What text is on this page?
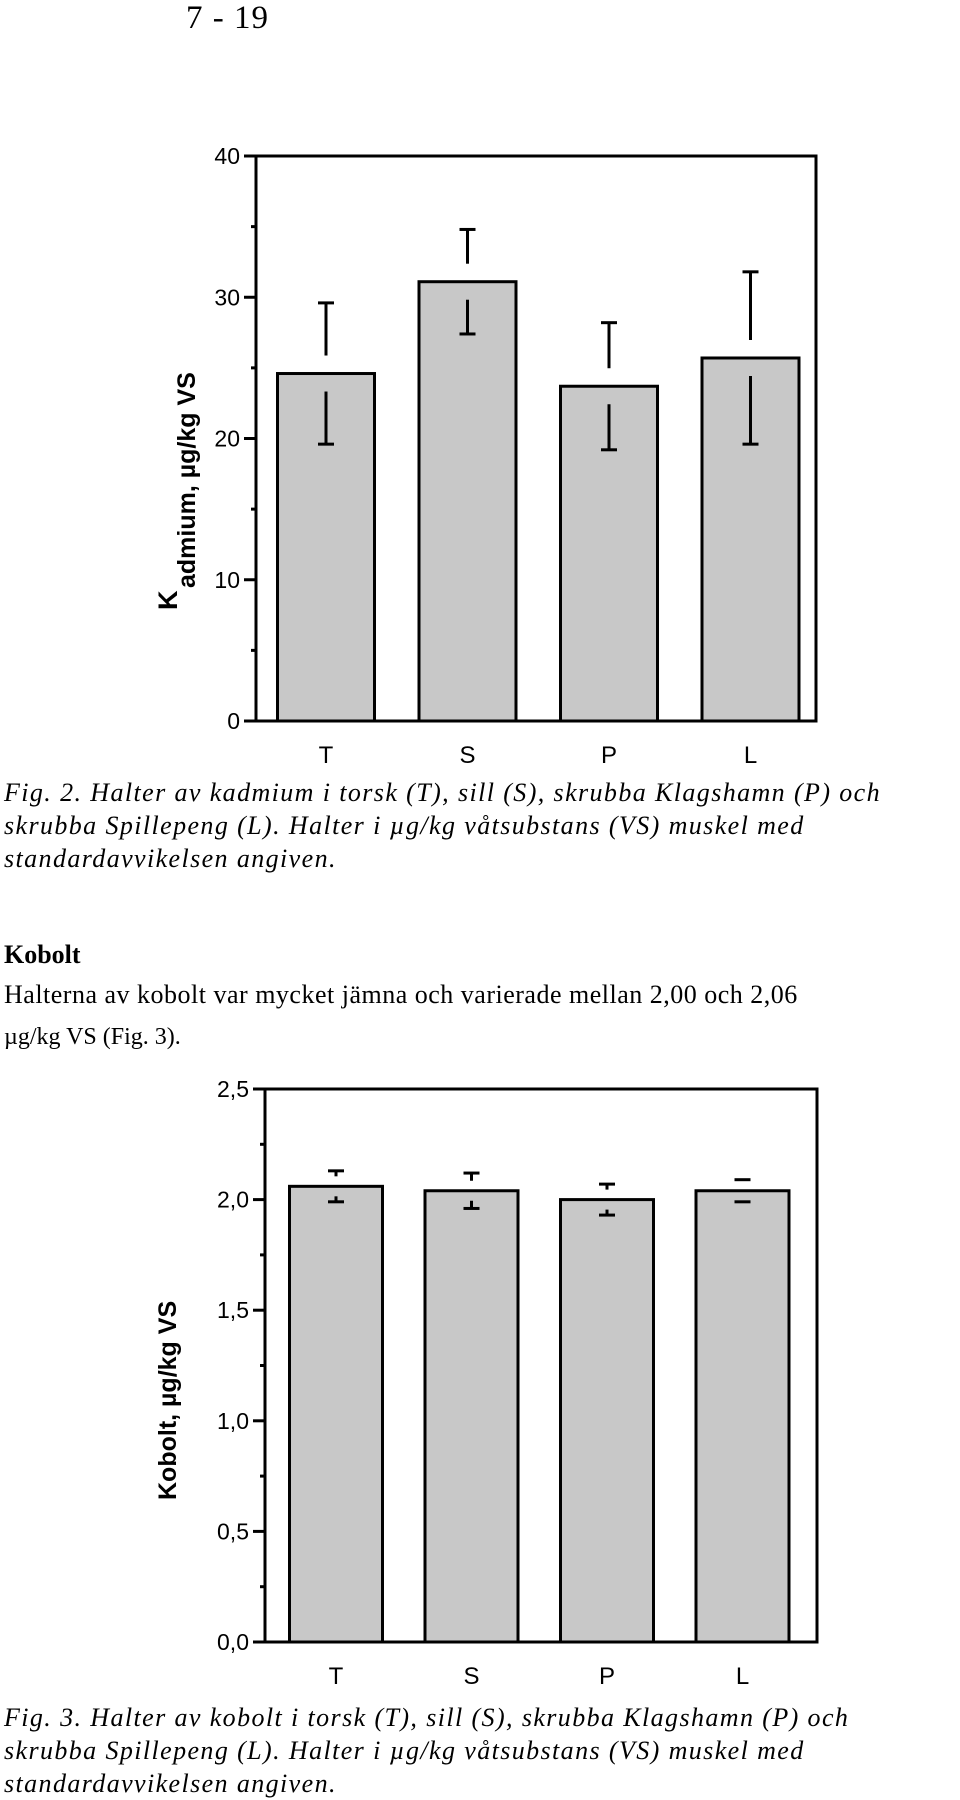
7 - 19
0
10
20
30
40
T	S	P	L
K
admium, µg/kg VS
Fig. 2. Halter av kadmium i torsk (T), sill (S), skrubba Klagshamn (P) och
skrubba Spillepeng (L). Halter i µg/kg våtsubstans (VS) muskel med
standardavvikelsen angiven.
Kobolt
Halterna av kobolt var mycket jämna och varierade mellan 2,00 och 2,06
µg/kg VS (Fig. 3).
0,0
0,5
1,0
1,5
2,0
2,5
T	S	P	L
Kobolt, µg/kg VS
Fig. 3. Halter av kobolt i torsk (T), sill (S), skrubba Klagshamn (P) och
skrubba Spillepeng (L). Halter i µg/kg våtsubstans (VS) muskel med
standardavvikelsen angiven.
